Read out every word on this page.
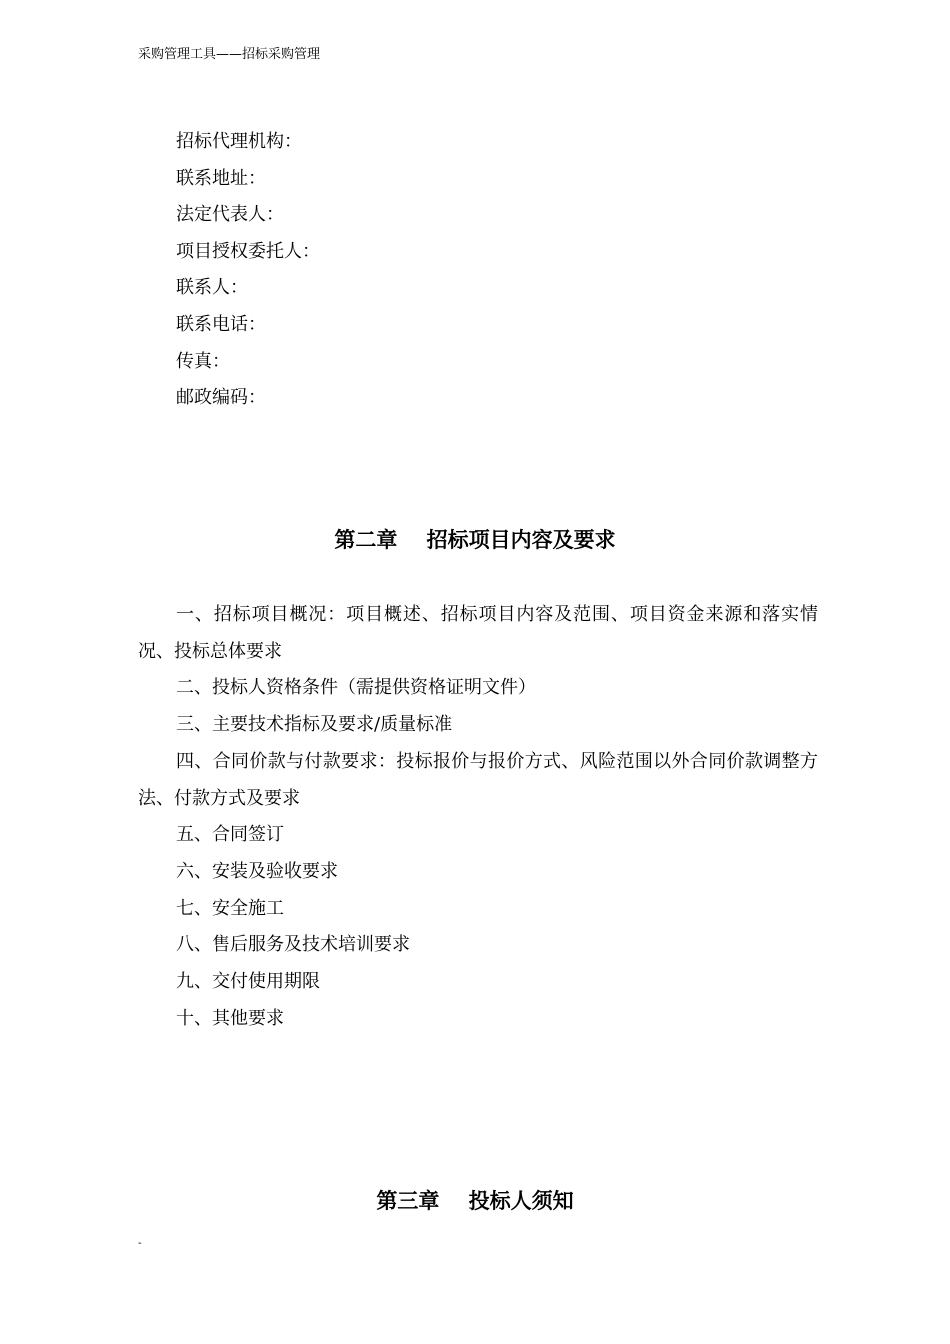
采购管理工具——招标采购管理
招标代理机构：
联系地址：
法定代表人：
项目授权委托人：
联系人：
联系电话：
传真：
邮政编码：
第二章    招标项目内容及要求
一、招标项目概况：项目概述、招标项目内容及范围、项目资金来源和落实情况、投标总体要求
二、投标人资格条件（需提供资格证明文件）
三、主要技术指标及要求/质量标准
四、合同价款与付款要求：投标报价与报价方式、风险范围以外合同价款调整方法、付款方式及要求
五、合同签订
六、安装及验收要求
七、安全施工
八、售后服务及技术培训要求
九、交付使用期限
十、其他要求
第三章    投标人须知
-
